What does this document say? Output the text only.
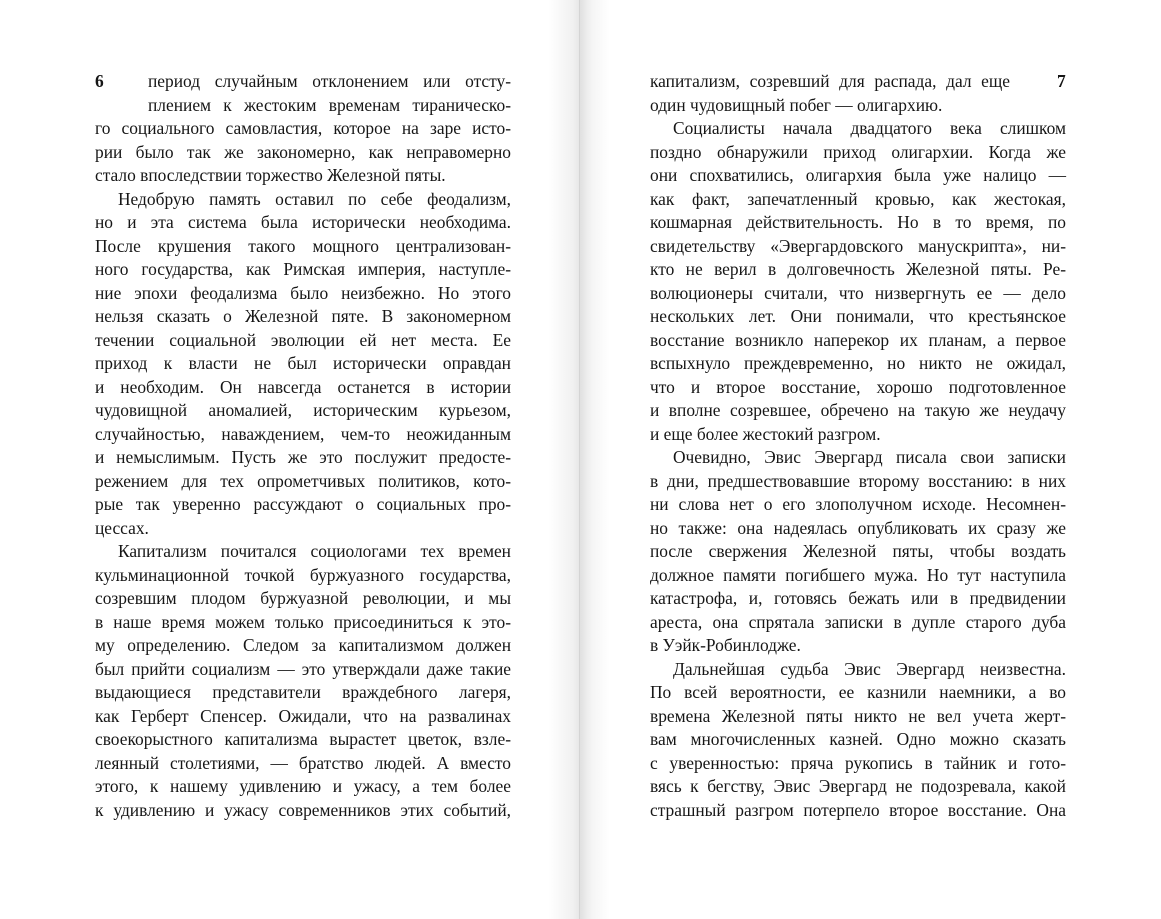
6	период случайным отклонением или отсту-
плением к жестоким временам тираническо-
го социального самовластия, которое на заре исто-
рии было так же закономерно, как неправомерно
стало впоследствии торжество Железной пяты.
Недобрую память оставил по себе феодализм,
но и эта система была исторически необходима.
После крушения такого мощного централизован-
ного государства, как Римская империя, наступле-
ние эпохи феодализма было неизбежно. Но этого
нельзя сказать о Железной пяте. В закономерном
течении социальной эволюции ей нет места. Ее
приход к власти не был исторически оправдан
и необходим. Он навсегда останется в истории
чудовищной аномалией, историческим курьезом,
случайностью, наваждением, чем-то неожиданным
и немыслимым. Пусть же это послужит предосте-
режением для тех опрометчивых политиков, кото-
рые так уверенно рассуждают о социальных про-
цессах.
Капитализм почитался социологами тех времен
кульминационной точкой буржуазного государства,
созревшим плодом буржуазной революции, и мы
в наше время можем только присоединиться к это-
му определению. Следом за капитализмом должен
был прийти социализм — это утверждали даже такие
выдающиеся представители враждебного лагеря,
как Герберт Спенсер. Ожидали, что на развалинах
своекорыстного капитализма вырастет цветок, взле-
леянный столетиями, — братство людей. А вместо
этого, к нашему удивлению и ужасу, а тем более
к удивлению и ужасу современников этих событий,
7
капитализм, созревший для распада, дал еще
один чудовищный побег — олигархию.
Социалисты начала двадцатого века слишком
поздно обнаружили приход олигархии. Когда же
они спохватились, олигархия была уже налицо —
как факт, запечатленный кровью, как жестокая,
кошмарная действительность. Но в то время, по
свидетельству «Эвергардовского манускрипта», ни-
кто не верил в долговечность Железной пяты. Ре-
волюционеры считали, что низвергнуть ее — дело
нескольких лет. Они понимали, что крестьянское
восстание возникло наперекор их планам, а первое
вспыхнуло преждевременно, но никто не ожидал,
что и второе восстание, хорошо подготовленное
и вполне созревшее, обречено на такую же неудачу
и еще более жестокий разгром.
Очевидно, Эвис Эвергард писала свои записки
в дни, предшествовавшие второму восстанию: в них
ни слова нет о его злополучном исходе. Несомнен-
но также: она надеялась опубликовать их сразу же
после свержения Железной пяты, чтобы воздать
должное памяти погибшего мужа. Но тут наступила
катастрофа, и, готовясь бежать или в предвидении
ареста, она спрятала записки в дупле старого дуба
в Уэйк-Робинлодже.
Дальнейшая судьба Эвис Эвергард неизвестна.
По всей вероятности, ее казнили наемники, а во
времена Железной пяты никто не вел учета жерт-
вам многочисленных казней. Одно можно сказать
с уверенностью: пряча рукопись в тайник и гото-
вясь к бегству, Эвис Эвергард не подозревала, какой
страшный разгром потерпело второе восстание. Она
